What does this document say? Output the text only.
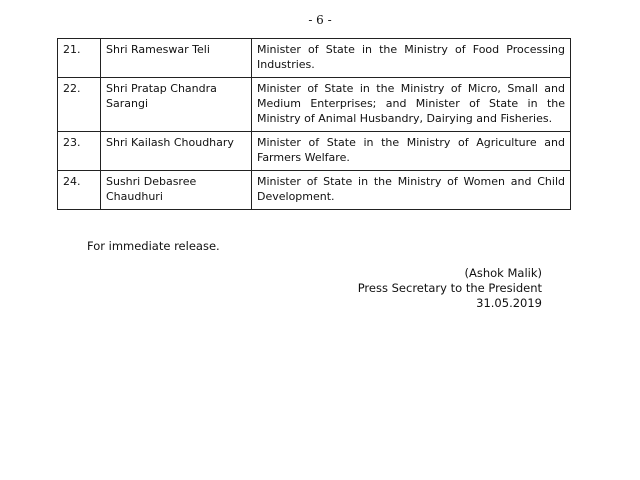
- 6 -
21.	Shri Rameswar Teli	Minister of State in the Ministry of Food Processing Industries.
22.	Shri Pratap Chandra Sarangi	Minister of State in the Ministry of Micro, Small and Medium Enterprises; and Minister of State in the Ministry of Animal Husbandry, Dairying and Fisheries.
23.	Shri Kailash Choudhary	Minister of State in the Ministry of Agriculture and Farmers Welfare.
24.	Sushri Debasree Chaudhuri	Minister of State in the Ministry of Women and Child Development.
For immediate release.
(Ashok Malik)
Press Secretary to the President
31.05.2019
